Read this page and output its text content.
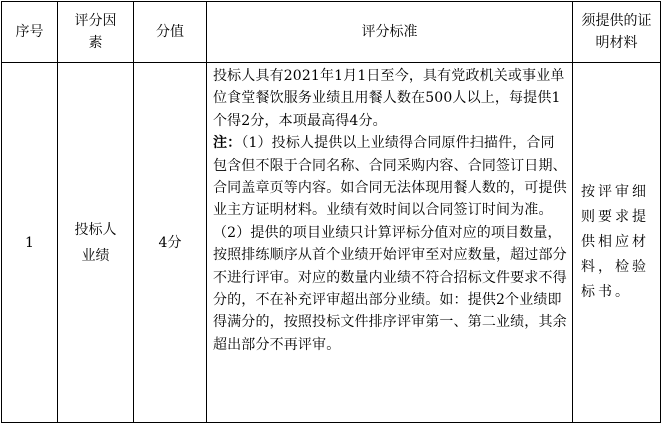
序号	评分因素	分值	评分标准	须提供的证明材料

1	投标人业绩	4分	投标人具有2021年1月1日至今，具有党政机关或事业单位食堂餐饮服务业绩且用餐人数在500人以上，每提供1个得2分，本项最高得4分。

注：（1）投标人提供以上业绩得合同原件扫描件，合同包含但不限于合同名称、合同采购内容、合同签订日期、合同盖章页等内容。如合同无法体现用餐人数的，可提供业主方证明材料。业绩有效时间以合同签订时间为准。

（2）提供的项目业绩只计算评标分值对应的项目数量，按照排练顺序从首个业绩开始评审至对应数量，超过部分不进行评审。对应的数量内业绩不符合招标文件要求不得分的，不在补充评审超出部分业绩。如：提供2个业绩即得满分的，按照投标文件排序评审第一、第二业绩，其余超出部分不再评审。	按评审细则要求提供相应材料，检验标书。
